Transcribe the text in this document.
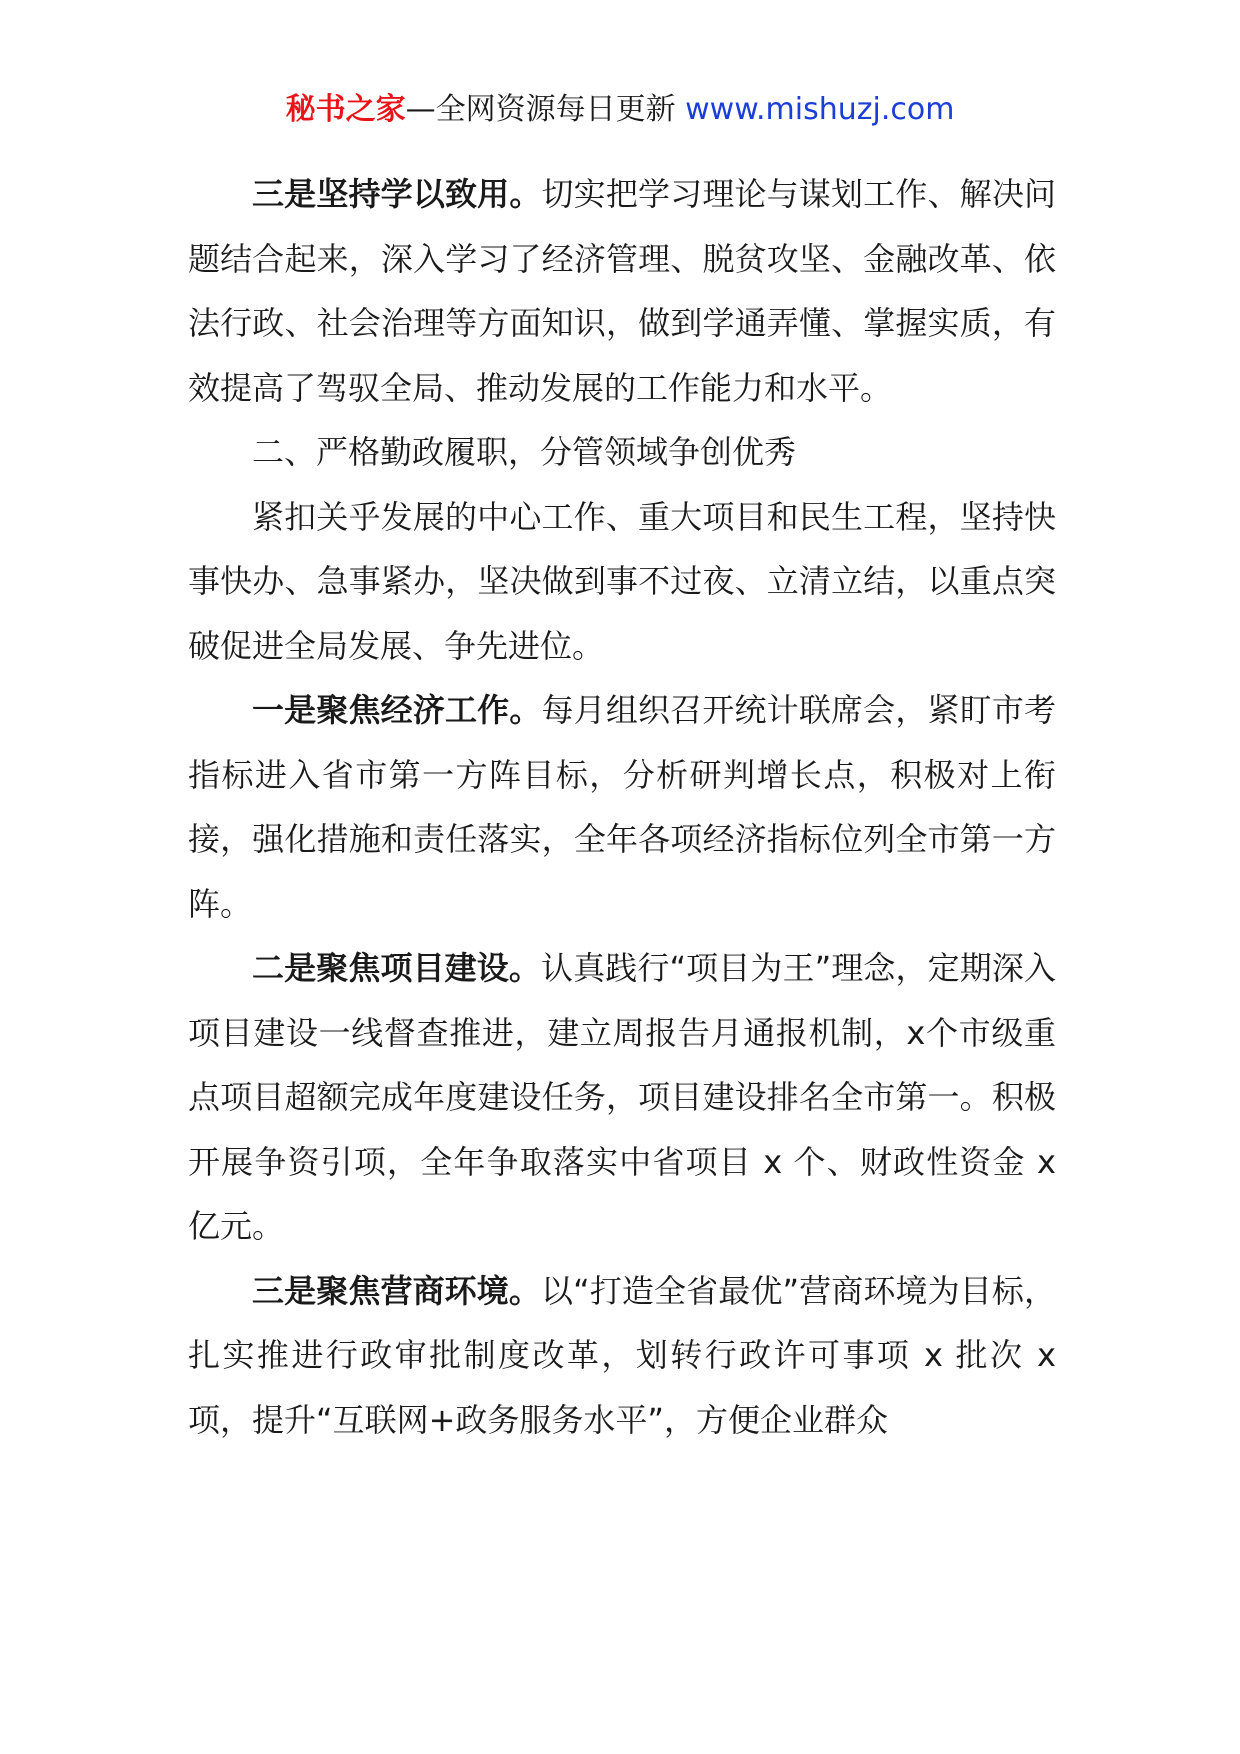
秘书之家—全网资源每日更新 www.mishuzj.com

三是坚持学以致用。切实把学习理论与谋划工作、解决问题结合起来，深入学习了经济管理、脱贫攻坚、金融改革、依法行政、社会治理等方面知识，做到学通弄懂、掌握实质，有效提高了驾驭全局、推动发展的工作能力和水平。

二、严格勤政履职，分管领域争创优秀

紧扣关乎发展的中心工作、重大项目和民生工程，坚持快事快办、急事紧办，坚决做到事不过夜、立清立结，以重点突破促进全局发展、争先进位。

一是聚焦经济工作。每月组织召开统计联席会，紧盯市考指标进入省市第一方阵目标，分析研判增长点，积极对上衔接，强化措施和责任落实，全年各项经济指标位列全市第一方阵。

二是聚焦项目建设。认真践行“项目为王”理念，定期深入项目建设一线督查推进，建立周报告月通报机制，x个市级重点项目超额完成年度建设任务，项目建设排名全市第一。积极开展争资引项，全年争取落实中省项目 x 个、财政性资金 x 亿元。

三是聚焦营商环境。以“打造全省最优”营商环境为目标，扎实推进行政审批制度改革，划转行政许可事项 x 批次 x 项，提升“互联网+政务服务水平”，方便企业群众
